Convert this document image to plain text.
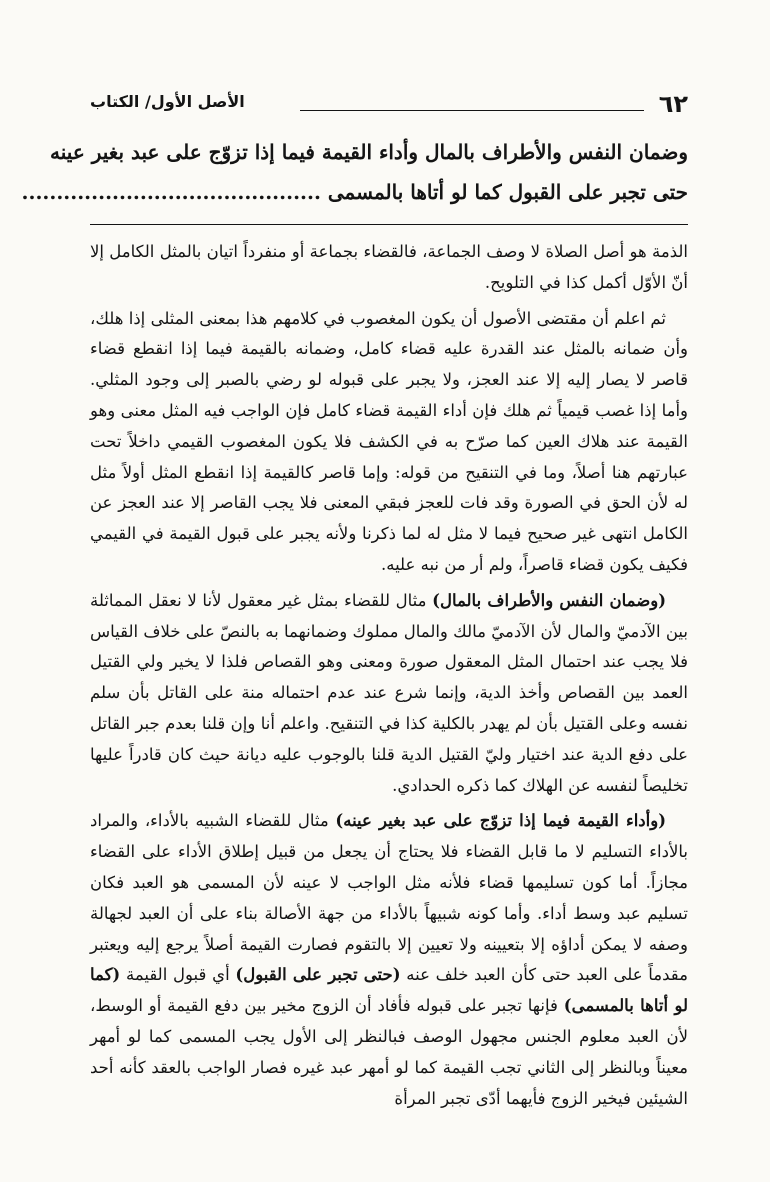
٦٢
الأصل الأول/ الكتاب
وضمان النفس والأطراف بالمال وأداء القيمة فيما إذا تزوّج على عبد بغير عينه
حتى تجبر على القبول كما لو أتاها بالمسمى ...........................................

الذمة هو أصل الصلاة لا وصف الجماعة، فالقضاء بجماعة أو منفرداً اتيان بالمثل الكامل إلا أنّ الأوّل أكمل كذا في التلويح.

ثم اعلم أن مقتضى الأصول أن يكون المغصوب في كلامهم هذا بمعنى المثلى إذا هلك، وأن ضمانه بالمثل عند القدرة عليه قضاء كامل، وضمانه بالقيمة فيما إذا انقطع قضاء قاصر لا يصار إليه إلا عند العجز، ولا يجبر على قبوله لو رضي بالصبر إلى وجود المثلي. وأما إذا غصب قيمياً ثم هلك فإن أداء القيمة قضاء كامل فإن الواجب فيه المثل معنى وهو القيمة عند هلاك العين كما صرّح به في الكشف فلا يكون المغصوب القيمي داخلاً تحت عبارتهم هنا أصلاً، وما في التنقيح من قوله: وإما قاصر كالقيمة إذا انقطع المثل أولاً مثل له لأن الحق في الصورة وقد فات للعجز فبقي المعنى فلا يجب القاصر إلا عند العجز عن الكامل انتهى غير صحيح فيما لا مثل له لما ذكرنا ولأنه يجبر على قبول القيمة في القيمي فكيف يكون قضاء قاصراً، ولم أر من نبه عليه.

(وضمان النفس والأطراف بالمال) مثال للقضاء بمثل غير معقول لأنا لا نعقل المماثلة بين الآدميّ والمال لأن الآدميّ مالك والمال مملوك وضمانهما به بالنصّ على خلاف القياس فلا يجب عند احتمال المثل المعقول صورة ومعنى وهو القصاص فلذا لا يخير ولي القتيل العمد بين القصاص وأخذ الدية، وإنما شرع عند عدم احتماله منة على القاتل بأن سلم نفسه وعلى القتيل بأن لم يهدر بالكلية كذا في التنقيح. واعلم أنا وإن قلنا بعدم جبر القاتل على دفع الدية عند اختيار وليّ القتيل الدية قلنا بالوجوب عليه ديانة حيث كان قادراً عليها تخليصاً لنفسه عن الهلاك كما ذكره الحدادي.

(وأداء القيمة فيما إذا تزوّج على عبد بغير عينه) مثال للقضاء الشبيه بالأداء، والمراد بالأداء التسليم لا ما قابل القضاء فلا يحتاج أن يجعل من قبيل إطلاق الأداء على القضاء مجازاً. أما كون تسليمها قضاء فلأنه مثل الواجب لا عينه لأن المسمى هو العبد فكان تسليم عبد وسط أداء. وأما كونه شبيهاً بالأداء من جهة الأصالة بناء على أن العبد لجهالة وصفه لا يمكن أداؤه إلا بتعيينه ولا تعيين إلا بالتقوم فصارت القيمة أصلاً يرجع إليه ويعتبر مقدماً على العبد حتى كأن العبد خلف عنه (حتى تجبر على القبول) أي قبول القيمة (كما لو أتاها بالمسمى) فإنها تجبر على قبوله فأفاد أن الزوج مخير بين دفع القيمة أو الوسط، لأن العبد معلوم الجنس مجهول الوصف فبالنظر إلى الأول يجب المسمى كما لو أمهر معيناً وبالنظر إلى الثاني تجب القيمة كما لو أمهر عبد غيره فصار الواجب بالعقد كأنه أحد الشيئين فيخير الزوج فأيهما أدّى تجبر المرأة
